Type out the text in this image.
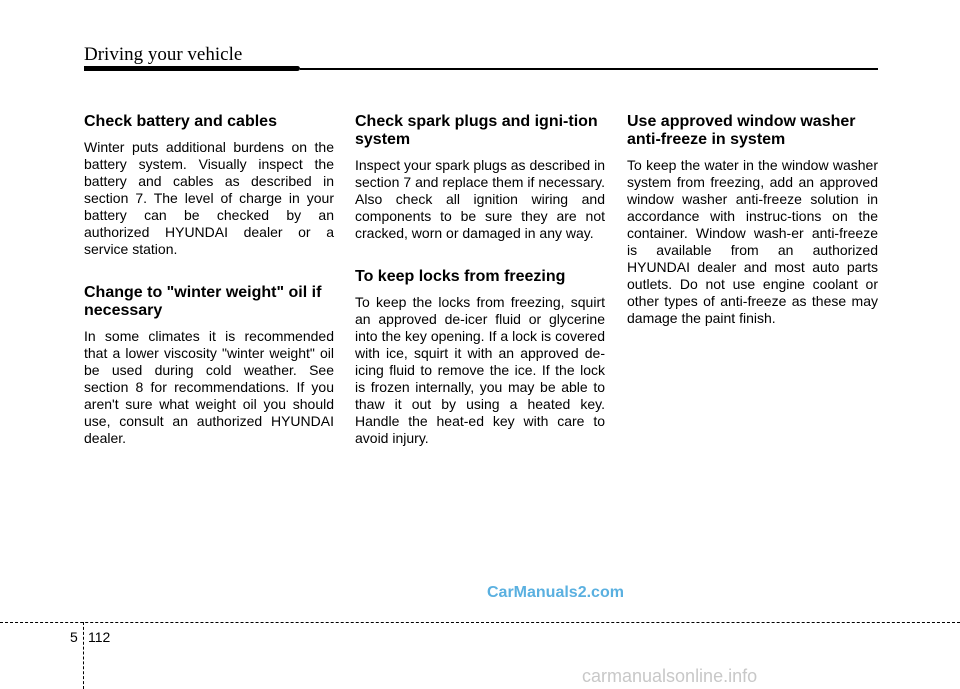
Driving your vehicle
Check battery and cables

Winter puts additional burdens on the battery system. Visually inspect the battery and cables as described in section 7. The level of charge in your battery can be checked by an authorized HYUNDAI dealer or a service station.

Change to "winter weight" oil if necessary

In some climates it is recommended that a lower viscosity "winter weight" oil be used during cold weather. See section 8 for recommendations. If you aren't sure what weight oil you should use, consult an authorized HYUNDAI dealer.

Check spark plugs and igni-tion system

Inspect your spark plugs as described in section 7 and replace them if necessary. Also check all ignition wiring and components to be sure they are not cracked, worn or damaged in any way.

To keep locks from freezing

To keep the locks from freezing, squirt an approved de-icer fluid or glycerine into the key opening. If a lock is covered with ice, squirt it with an approved de-icing fluid to remove the ice. If the lock is frozen internally, you may be able to thaw it out by using a heated key. Handle the heat-ed key with care to avoid injury.

Use approved window washer anti-freeze in system

To keep the water in the window washer system from freezing, add an approved window washer anti-freeze solution in accordance with instruc-tions on the container. Window wash-er anti-freeze is available from an authorized HYUNDAI dealer and most auto parts outlets. Do not use engine coolant or other types of anti-freeze as these may damage the paint finish.

CarManuals2.com
5 112
carmanualsonline.info
